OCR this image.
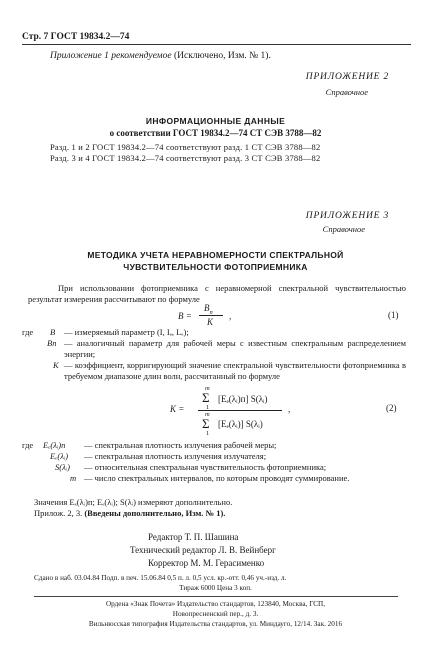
Стр. 7 ГОСТ 19834.2—74
Приложение 1 рекомендуемое (Исключено, Изм. № 1).
ПРИЛОЖЕНИЕ 2
Справочное
ИНФОРМАЦИОННЫЕ ДАННЫЕ
о соответствии ГОСТ 19834.2—74 СТ СЭВ 3788—82
Разд. 1 и 2 ГОСТ 19834.2—74 соответствуют разд. 1 СТ СЭВ 3788—82
Разд. 3 и 4 ГОСТ 19834.2—74 соответствуют разд. 3 СТ СЭВ 3788—82
ПРИЛОЖЕНИЕ 3
Справочное
МЕТОДИКА УЧЕТА НЕРАВНОМЕРНОСТИ СПЕКТРАЛЬНОЙ
ЧУВСТВИТЕЛЬНОСТИ ФОТОПРИЕМНИКА
При использовании фотоприемника с неравномерной спектральной чувствительностью результат измерения рассчитывают по формуле
B =
$B_п$
K
,	(1)
где B — измеряемый параметр (I, Iₑ, Lₑ);
Bп — аналогичный параметр для рабочей меры с известным спектральным распределением энергии;
K — коэффициент, корригирующий значение спектральной чувствительности фотоприемника в требуемом диапазоне длин волн, рассчитанный по формуле
K =
m
Σ
1
[Eₑ(λᵢ)п] S(λᵢ)
m
Σ
1
[Eₑ(λᵢ)] S(λᵢ)
,	(2)
где Eₑ(λᵢ)п — спектральная плотность излучения рабочей меры;
Eₑ(λᵢ) — спектральная плотность излучения излучателя;
S(λᵢ) — относительная спектральная чувствительность фотоприемника;
m — число спектральных интервалов, по которым проводят суммирование.
Значения Eₑ(λᵢ)п; Eₑ(λᵢ); S(λᵢ) измеряют дополнительно.
Прилож. 2, 3. (Введены дополнительно, Изм. № 1).
Редактор Т. П. Шашина
Технический редактор Л. В. Вейнберг
Корректор М. М. Герасименко
Сдано в наб. 03.04.84 Подп. в печ. 15.06.84 0,5 п. л. 0,5 усл. кр.-отт. 0,46 уч.-изд. л.
Тираж 6000 Цена 3 коп.
Ордена «Знак Почета» Издательство стандартов, 123840, Москва, ГСП,
Новопресненский пер., д. 3.
Вильнюсская типография Издательства стандартов, ул. Миндауго, 12/14. Зак. 2016
